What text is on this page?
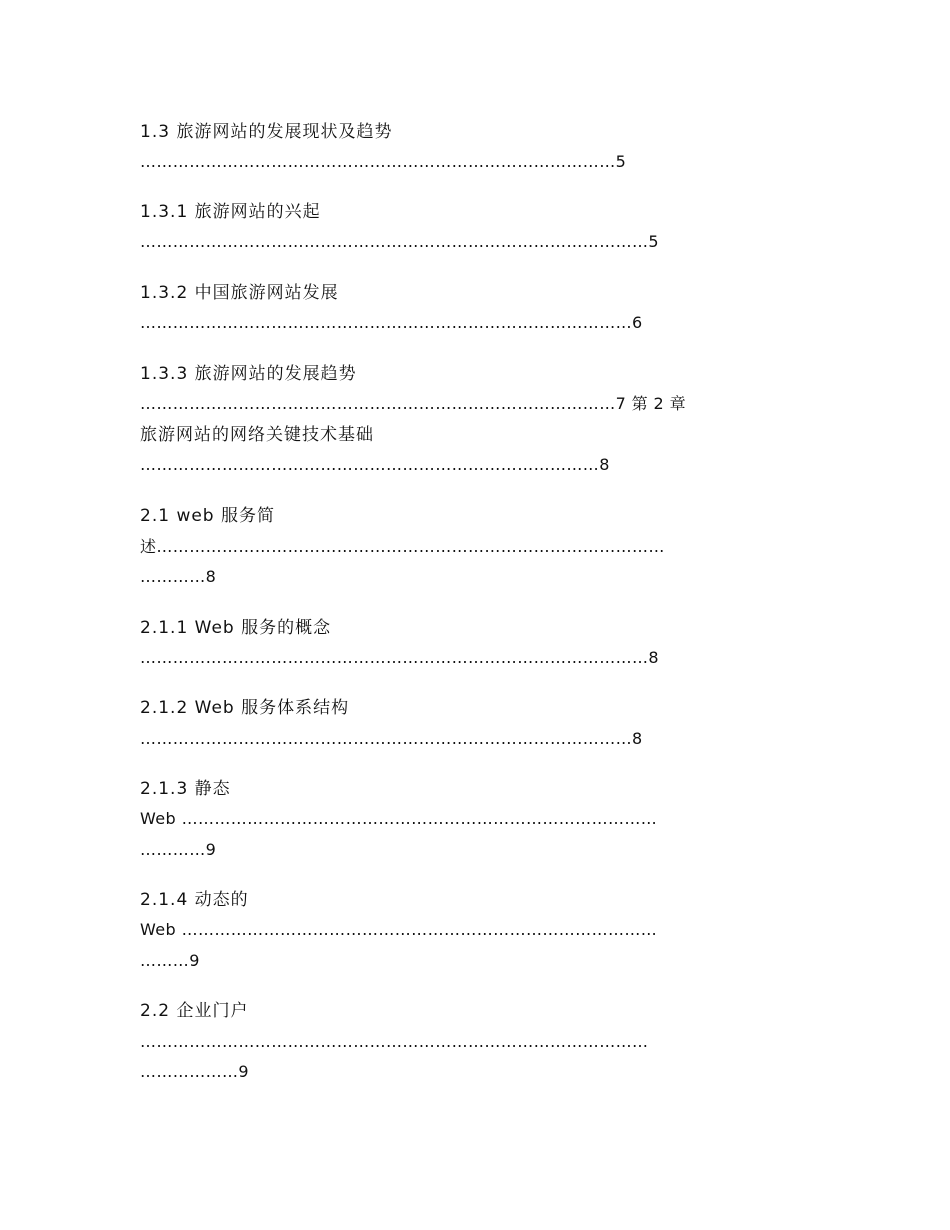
1.3 旅游网站的发展现状及趋势
……………………………………………………………………………5
1.3.1 旅游网站的兴起
…………………………………………………………………………………5
1.3.2 中国旅游网站发展
………………………………………………………………………………6
1.3.3 旅游网站的发展趋势
……………………………………………………………………………7 第 2 章
旅游网站的网络关键技术基础
…………………………………………………………………………8
2.1 web 服务简
述…………………………………………………………………………………
…………8
2.1.1 Web 服务的概念
…………………………………………………………………………………8
2.1.2 Web 服务体系结构
………………………………………………………………………………8
2.1.3 静态
Web ……………………………………………………………………………
…………9
2.1.4 动态的
Web ……………………………………………………………………………
………9
2.2 企业门户
…………………………………………………………………………………
………………9
